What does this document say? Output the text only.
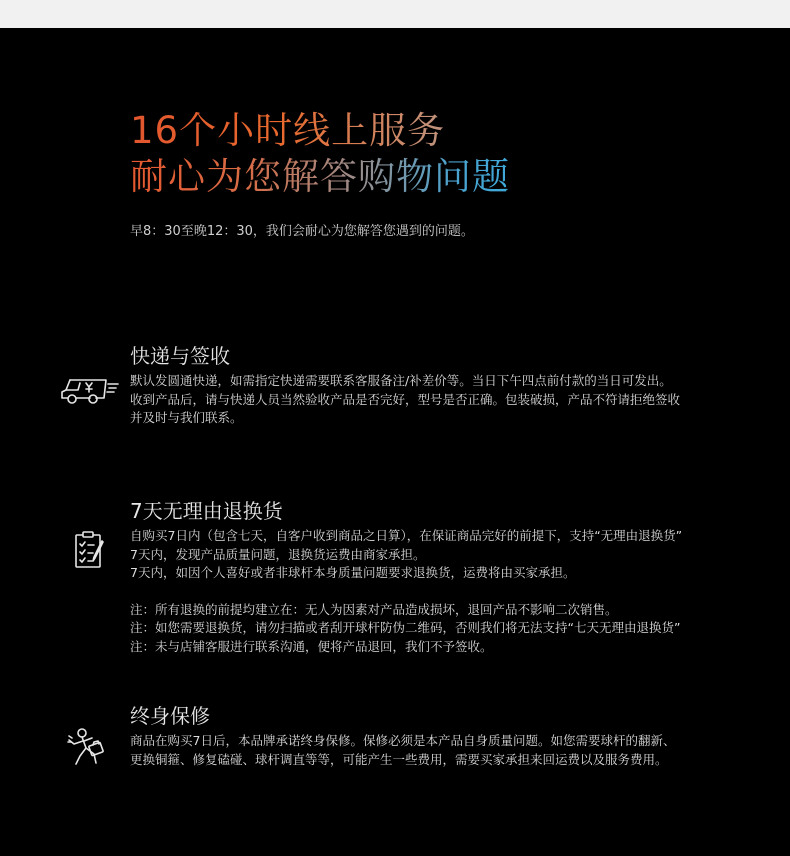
16个小时线上服务
耐心为您解答购物问题
早8：30至晚12：30，我们会耐心为您解答您遇到的问题。
快递与签收

默认发圆通快递，如需指定快递需要联系客服备注/补差价等。当日下午四点前付款的当日可发出。

收到产品后，请与快递人员当然验收产品是否完好，型号是否正确。包装破损，产品不符请拒绝签收

并及时与我们联系。

7天无理由退换货

自购买7日内（包含七天，自客户收到商品之日算），在保证商品完好的前提下，支持“无理由退换货”

7天内，发现产品质量问题，退换货运费由商家承担。

7天内，如因个人喜好或者非球杆本身质量问题要求退换货，运费将由买家承担。

注：所有退换的前提均建立在：无人为因素对产品造成损坏，退回产品不影响二次销售。

注：如您需要退换货，请勿扫描或者刮开球杆防伪二维码，否则我们将无法支持“七天无理由退换货”

注：未与店铺客服进行联系沟通，便将产品退回，我们不予签收。

终身保修

商品在购买7日后，本品牌承诺终身保修。保修必须是本产品自身质量问题。如您需要球杆的翻新、

更换铜箍、修复磕碰、球杆调直等等，可能产生一些费用，需要买家承担来回运费以及服务费用。
